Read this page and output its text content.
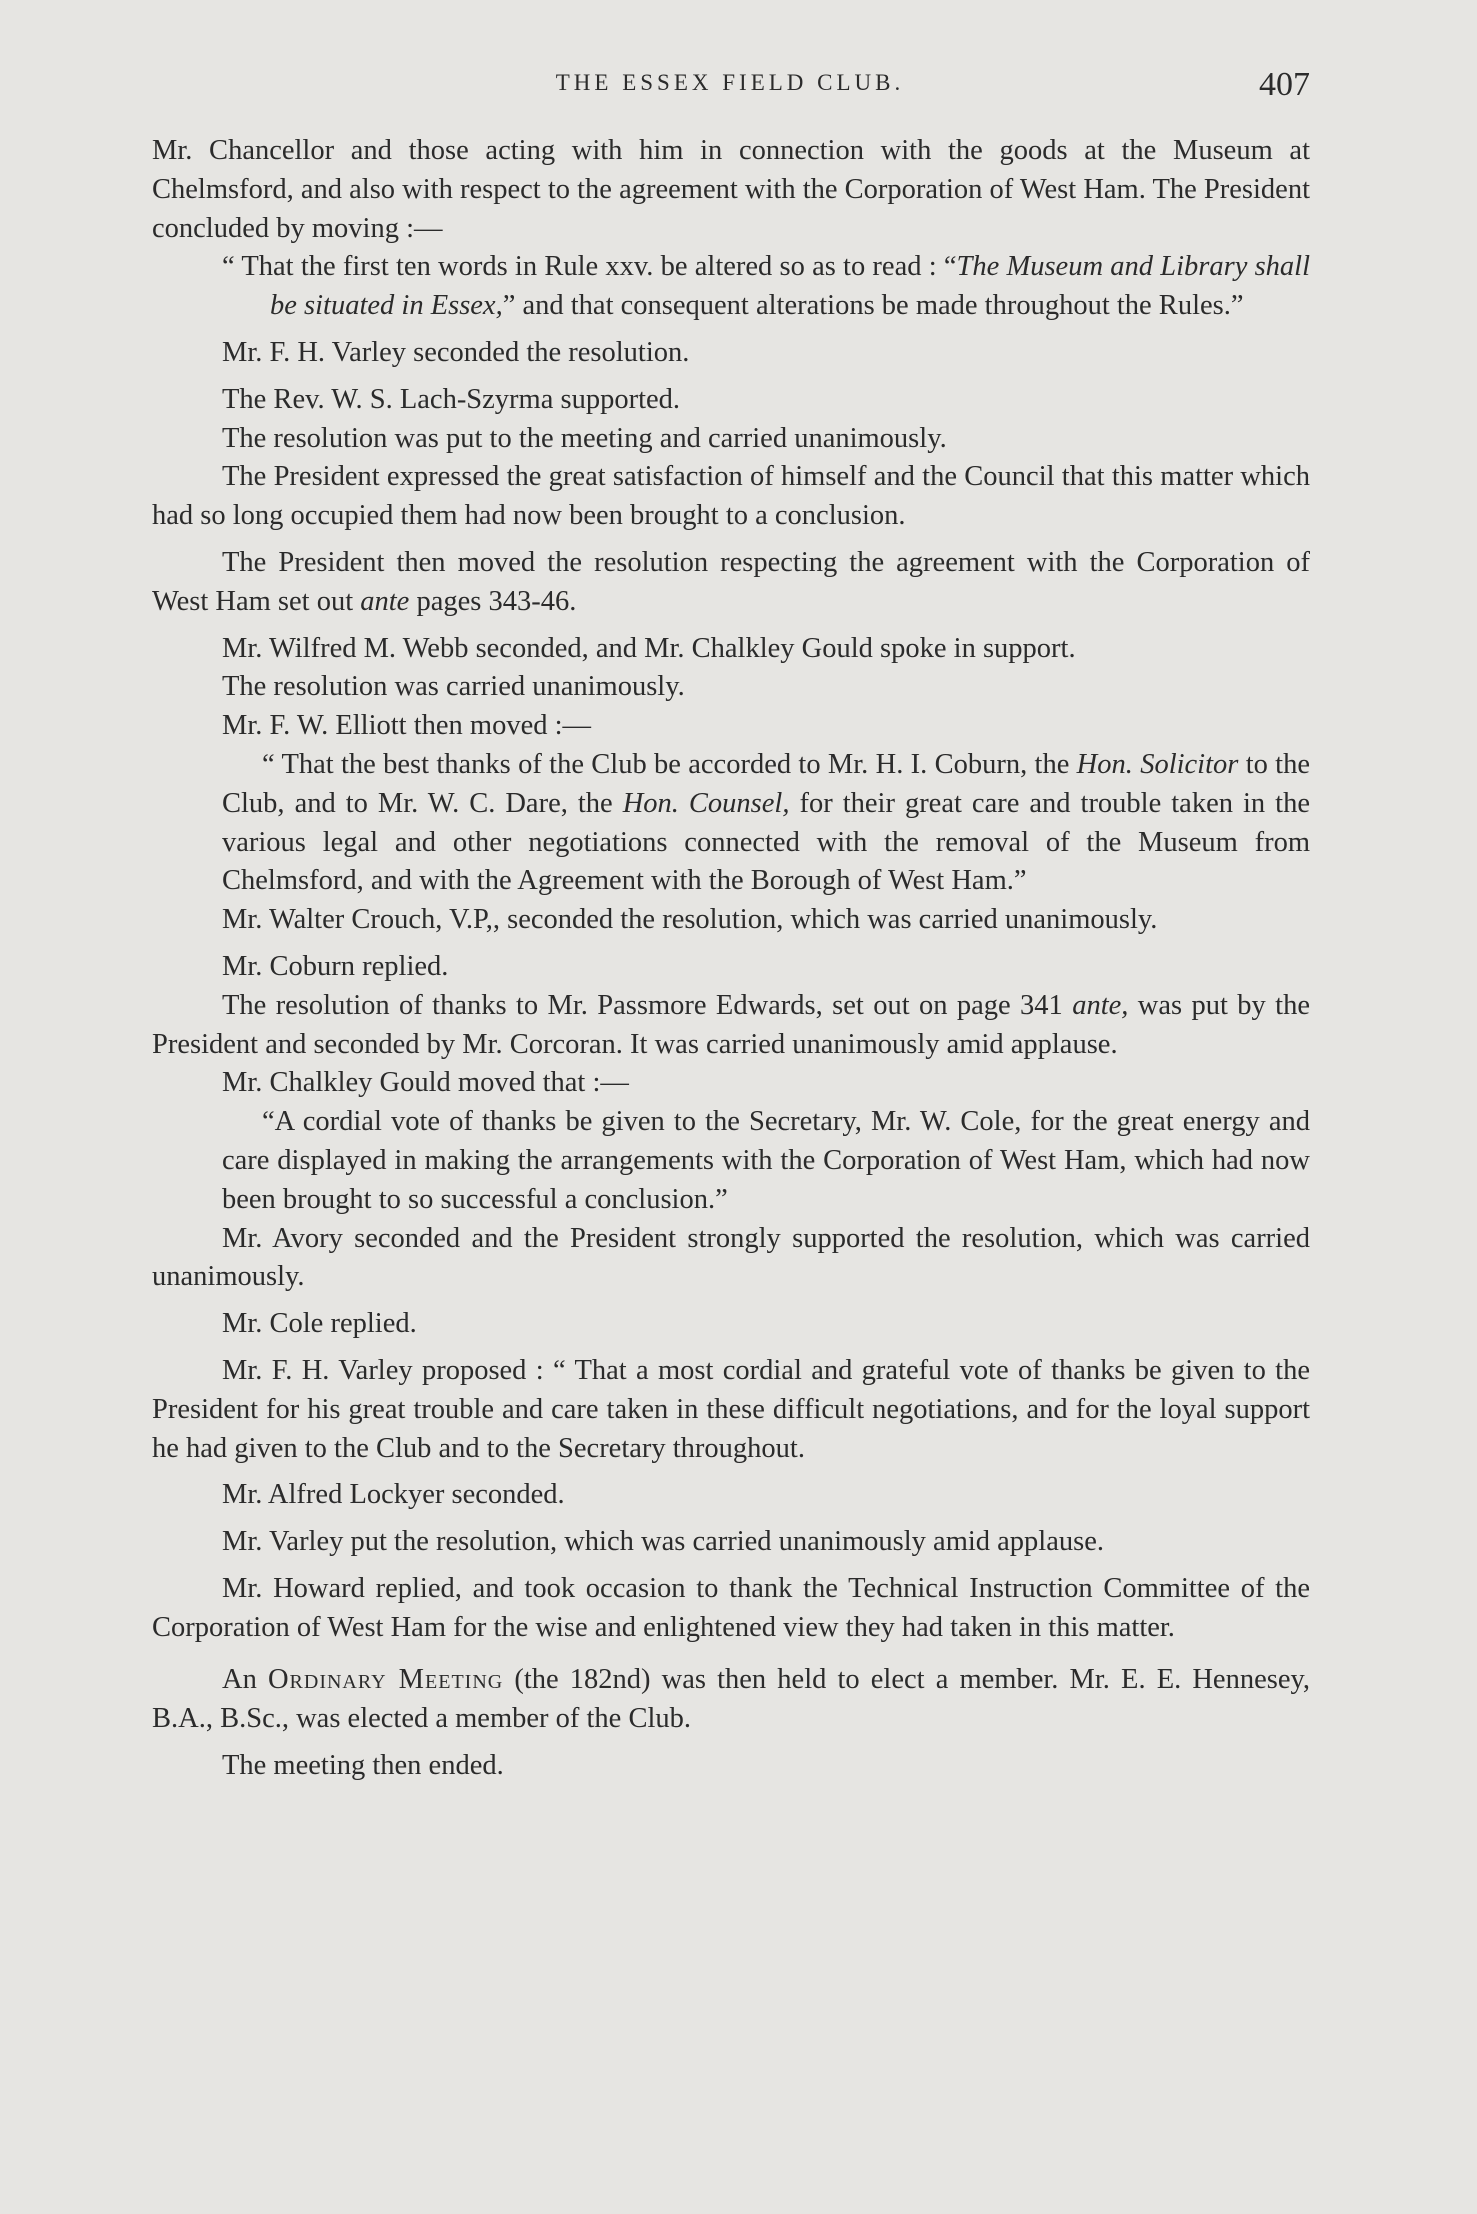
THE ESSEX FIELD CLUB.	407

Mr. Chancellor and those acting with him in connection with the goods at the Museum at Chelmsford, and also with respect to the agreement with the Corporation of West Ham. The President concluded by moving :—

“ That the first ten words in Rule xxv. be altered so as to read : “The Museum and Library shall be situated in Essex,” and that consequent alterations be made throughout the Rules.”

Mr. F. H. Varley seconded the resolution.

The Rev. W. S. Lach-Szyrma supported.

The resolution was put to the meeting and carried unanimously.

The President expressed the great satisfaction of himself and the Council that this matter which had so long occupied them had now been brought to a conclusion.

The President then moved the resolution respecting the agreement with the Corporation of West Ham set out ante pages 343-46.

Mr. Wilfred M. Webb seconded, and Mr. Chalkley Gould spoke in support.

The resolution was carried unanimously.

Mr. F. W. Elliott then moved :—

“ That the best thanks of the Club be accorded to Mr. H. I. Coburn, the Hon. Solicitor to the Club, and to Mr. W. C. Dare, the Hon. Counsel, for their great care and trouble taken in the various legal and other negotiations connected with the removal of the Museum from Chelmsford, and with the Agreement with the Borough of West Ham.”

Mr. Walter Crouch, V.P,, seconded the resolution, which was carried unanimously.

Mr. Coburn replied.

The resolution of thanks to Mr. Passmore Edwards, set out on page 341 ante, was put by the President and seconded by Mr. Corcoran. It was carried unanimously amid applause.

Mr. Chalkley Gould moved that :—

“A cordial vote of thanks be given to the Secretary, Mr. W. Cole, for the great energy and care displayed in making the arrangements with the Corporation of West Ham, which had now been brought to so successful a conclusion.”

Mr. Avory seconded and the President strongly supported the resolution, which was carried unanimously.

Mr. Cole replied.

Mr. F. H. Varley proposed : “ That a most cordial and grateful vote of thanks be given to the President for his great trouble and care taken in these difficult negotiations, and for the loyal support he had given to the Club and to the Secretary throughout.

Mr. Alfred Lockyer seconded.

Mr. Varley put the resolution, which was carried unanimously amid applause.

Mr. Howard replied, and took occasion to thank the Technical Instruction Committee of the Corporation of West Ham for the wise and enlightened view they had taken in this matter.

An Ordinary Meeting (the 182nd) was then held to elect a member. Mr. E. E. Hennesey, B.A., B.Sc., was elected a member of the Club.

The meeting then ended.
